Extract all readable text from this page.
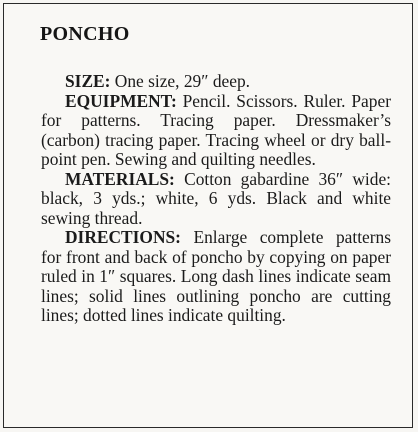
PONCHO

SIZE: One size, 29″ deep.

EQUIPMENT: Pencil. Scissors. Ruler. Paper for patterns. Tracing paper. Dressmaker’s (carbon) tracing paper. Tracing wheel or dry ball-point pen. Sewing and quilting needles.

MATERIALS: Cotton gabardine 36″ wide: black, 3 yds.; white, 6 yds. Black and white sewing thread.

DIRECTIONS: Enlarge complete patterns for front and back of poncho by copying on paper ruled in 1″ squares. Long dash lines indicate seam lines; solid lines outlining poncho are cutting lines; dotted lines indicate quilting.
